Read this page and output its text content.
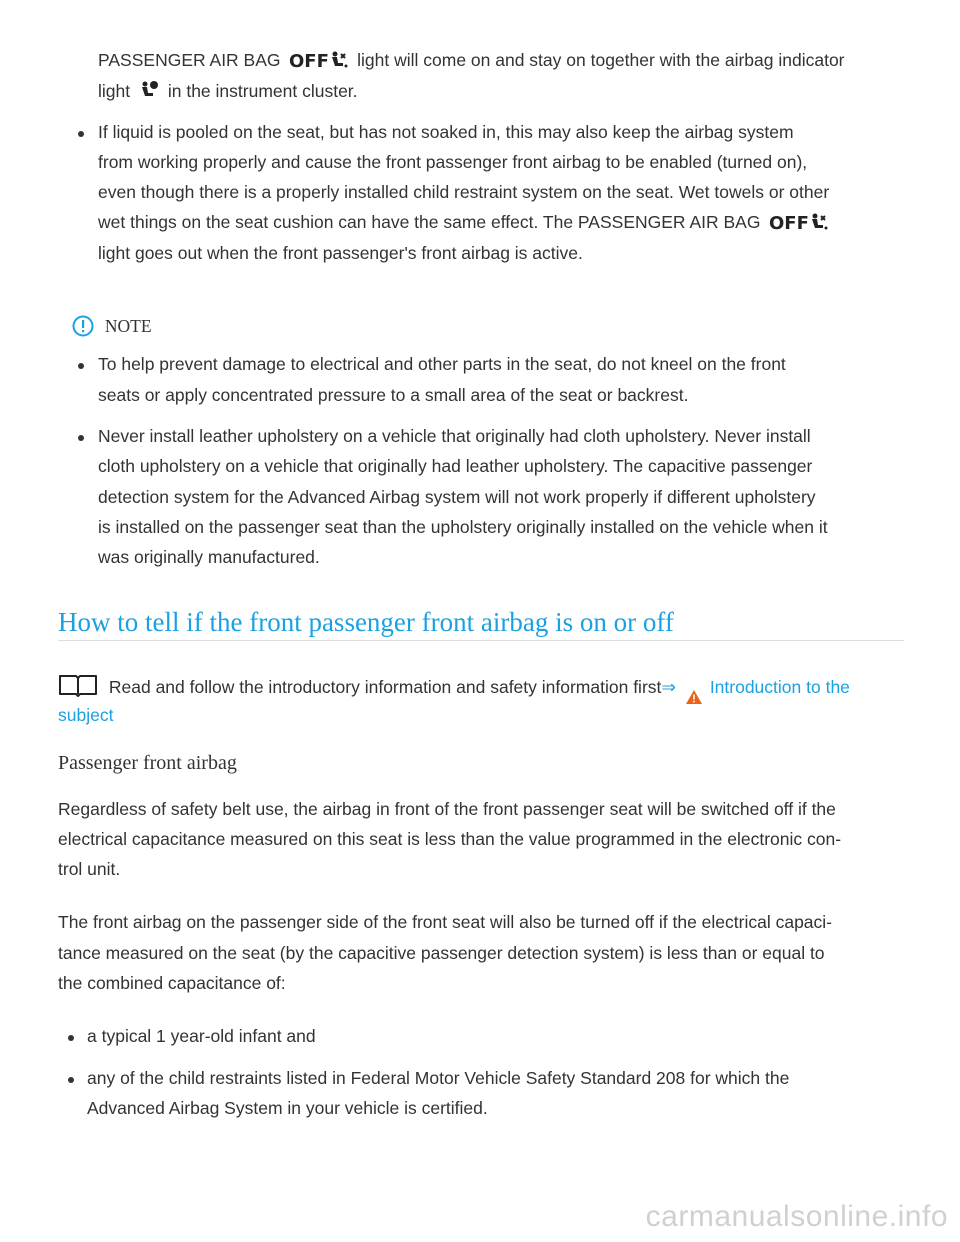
PASSENGER AIR BAG OFF light will come on and stay on together with the airbag indicator
light in the instrument cluster.
If liquid is pooled on the seat, but has not soaked in, this may also keep the airbag system
from working properly and cause the front passenger front airbag to be enabled (turned on),
even though there is a properly installed child restraint system on the seat. Wet towels or other
wet things on the seat cushion can have the same effect. The PASSENGER AIR BAG OFF

light goes out when the front passenger's front airbag is active.
NOTE
To help prevent damage to electrical and other parts in the seat, do not kneel on the front
seats or apply concentrated pressure to a small area of the seat or backrest.
Never install leather upholstery on a vehicle that originally had cloth upholstery. Never install
cloth upholstery on a vehicle that originally had leather upholstery. The capacitive passenger
detection system for the Advanced Airbag system will not work properly if different upholstery
is installed on the passenger seat than the upholstery originally installed on the vehicle when it
was originally manufactured.
How to tell if the front passenger front airbag is on or off
Read and follow the introductory information and safety information first⇒ Introduction to the
subject
Passenger front airbag
Regardless of safety belt use, the airbag in front of the front passenger seat will be switched off if the
electrical capacitance measured on this seat is less than the value programmed in the electronic con-
trol unit.
The front airbag on the passenger side of the front seat will also be turned off if the electrical capaci-
tance measured on the seat (by the capacitive passenger detection system) is less than or equal to
the combined capacitance of:
a typical 1 year-old infant and
any of the child restraints listed in Federal Motor Vehicle Safety Standard 208 for which the
Advanced Airbag System in your vehicle is certified.
carmanualsonline.info
